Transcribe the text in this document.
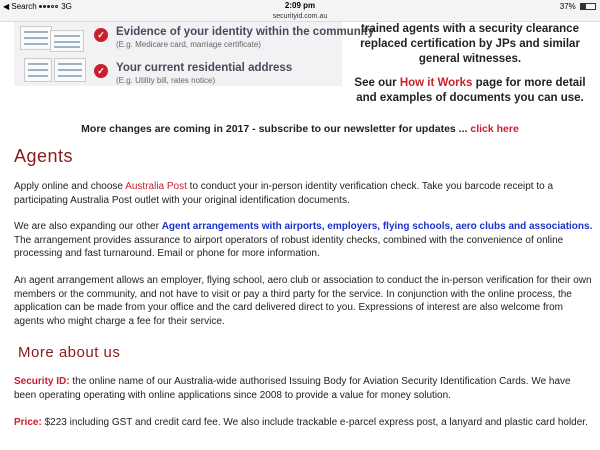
◀ Search	3G	2:09 pm	37%
securityid.com.au
✓ Evidence of your identity within the community
(E.g. Medicare card, marriage certificate)
✓ Your current residential address
(E.g. Utility bill, rates notice)

trained agents with a security clearance replaced certification by JPs and similar general witnesses.

See our How it Works page for more detail and examples of documents you can use.

More changes are coming in 2017 - subscribe to our newsletter for updates ... click here
Agents
Apply online and choose Australia Post to conduct your in-person identity verification check. Take you barcode receipt to a participating Australia Post outlet with your original identification documents.
We are also expanding our other Agent arrangements with airports, employers, flying schools, aero clubs and associations. The arrangement provides assurance to airport operators of robust identity checks, combined with the convenience of online processing and fast turnaround. Email or phone for more information.
An agent arrangement allows an employer, flying school, aero club or association to conduct the in-person verification for their own members or the community, and not have to visit or pay a third party for the service. In conjunction with the online process, the application can be made from your office and the card delivered direct to you. Expressions of interest are also welcome from agents who might charge a fee for their service.
More about us
Security ID: the online name of our Australia-wide authorised Issuing Body for Aviation Security Identification Cards. We have been operating operating with online applications since 2008 to provide a value for money solution.
Price: $223 including GST and credit card fee. We also include trackable e-parcel express post, a lanyard and plastic card holder.
